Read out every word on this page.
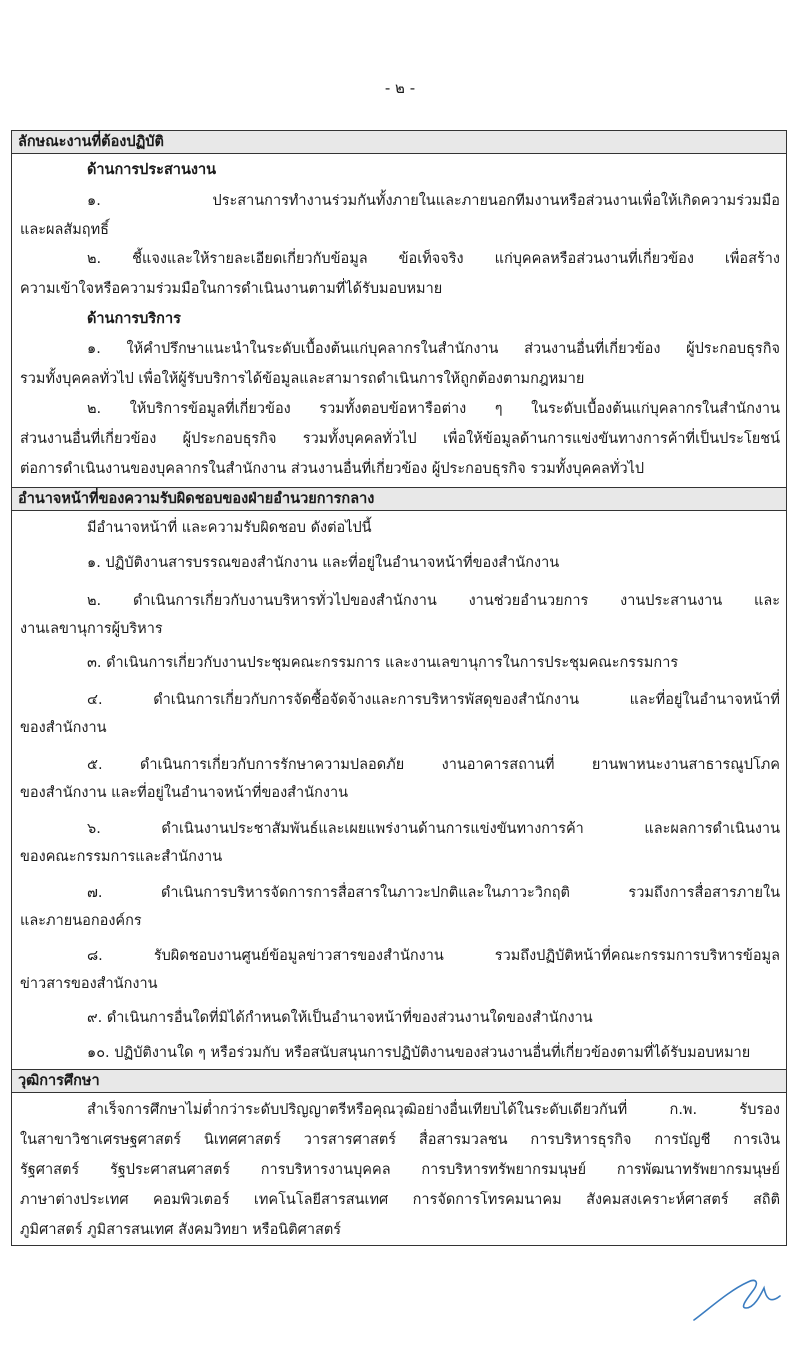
- ๒ -
ลักษณะงานที่ต้องปฏิบัติ
ด้านการประสานงาน
๑. ประสานการทำงานร่วมกันทั้งภายในและภายนอกทีมงานหรือส่วนงานเพื่อให้เกิดความร่วมมือ
และผลสัมฤทธิ์
๒. ชี้แจงและให้รายละเอียดเกี่ยวกับข้อมูล ข้อเท็จจริง แก่บุคคลหรือส่วนงานที่เกี่ยวข้อง เพื่อสร้าง
ความเข้าใจหรือความร่วมมือในการดำเนินงานตามที่ได้รับมอบหมาย
ด้านการบริการ
๑. ให้คำปรึกษาแนะนำในระดับเบื้องต้นแก่บุคลากรในสำนักงาน ส่วนงานอื่นที่เกี่ยวข้อง ผู้ประกอบธุรกิจ
รวมทั้งบุคคลทั่วไป เพื่อให้ผู้รับบริการได้ข้อมูลและสามารถดำเนินการให้ถูกต้องตามกฎหมาย
๒. ให้บริการข้อมูลที่เกี่ยวข้อง รวมทั้งตอบข้อหารือต่าง ๆ ในระดับเบื้องต้นแก่บุคลากรในสำนักงาน
ส่วนงานอื่นที่เกี่ยวข้อง ผู้ประกอบธุรกิจ รวมทั้งบุคคลทั่วไป เพื่อให้ข้อมูลด้านการแข่งขันทางการค้าที่เป็นประโยชน์
ต่อการดำเนินงานของบุคลากรในสำนักงาน ส่วนงานอื่นที่เกี่ยวข้อง ผู้ประกอบธุรกิจ รวมทั้งบุคคลทั่วไป
อำนาจหน้าที่ของความรับผิดชอบของฝ่ายอำนวยการกลาง
มีอำนาจหน้าที่ และความรับผิดชอบ ดังต่อไปนี้
๑. ปฏิบัติงานสารบรรณของสำนักงาน และที่อยู่ในอำนาจหน้าที่ของสำนักงาน
๒. ดำเนินการเกี่ยวกับงานบริหารทั่วไปของสำนักงาน งานช่วยอำนวยการ งานประสานงาน และ
งานเลขานุการผู้บริหาร
๓. ดำเนินการเกี่ยวกับงานประชุมคณะกรรมการ และงานเลขานุการในการประชุมคณะกรรมการ
๔. ดำเนินการเกี่ยวกับการจัดซื้อจัดจ้างและการบริหารพัสดุของสำนักงาน และที่อยู่ในอำนาจหน้าที่
ของสำนักงาน
๕. ดำเนินการเกี่ยวกับการรักษาความปลอดภัย งานอาคารสถานที่ ยานพาหนะงานสาธารณูปโภค
ของสำนักงาน และที่อยู่ในอำนาจหน้าที่ของสำนักงาน
๖. ดำเนินงานประชาสัมพันธ์และเผยแพร่งานด้านการแข่งขันทางการค้า และผลการดำเนินงาน
ของคณะกรรมการและสำนักงาน
๗. ดำเนินการบริหารจัดการการสื่อสารในภาวะปกติและในภาวะวิกฤติ รวมถึงการสื่อสารภายใน
และภายนอกองค์กร
๘. รับผิดชอบงานศูนย์ข้อมูลข่าวสารของสำนักงาน รวมถึงปฏิบัติหน้าที่คณะกรรมการบริหารข้อมูล
ข่าวสารของสำนักงาน
๙. ดำเนินการอื่นใดที่มิได้กำหนดให้เป็นอำนาจหน้าที่ของส่วนงานใดของสำนักงาน
๑๐. ปฏิบัติงานใด ๆ หรือร่วมกับ หรือสนับสนุนการปฏิบัติงานของส่วนงานอื่นที่เกี่ยวข้องตามที่ได้รับมอบหมาย
วุฒิการศึกษา
สำเร็จการศึกษาไม่ต่ำกว่าระดับปริญญาตรีหรือคุณวุฒิอย่างอื่นเทียบได้ในระดับเดียวกันที่ ก.พ. รับรอง
ในสาขาวิชาเศรษฐศาสตร์ นิเทศศาสตร์ วารสารศาสตร์ สื่อสารมวลชน การบริหารธุรกิจ การบัญชี การเงิน
รัฐศาสตร์ รัฐประศาสนศาสตร์ การบริหารงานบุคคล การบริหารทรัพยากรมนุษย์ การพัฒนาทรัพยากรมนุษย์
ภาษาต่างประเทศ คอมพิวเตอร์ เทคโนโลยีสารสนเทศ การจัดการโทรคมนาคม สังคมสงเคราะห์ศาสตร์ สถิติ
ภูมิศาสตร์ ภูมิสารสนเทศ สังคมวิทยา หรือนิติศาสตร์
